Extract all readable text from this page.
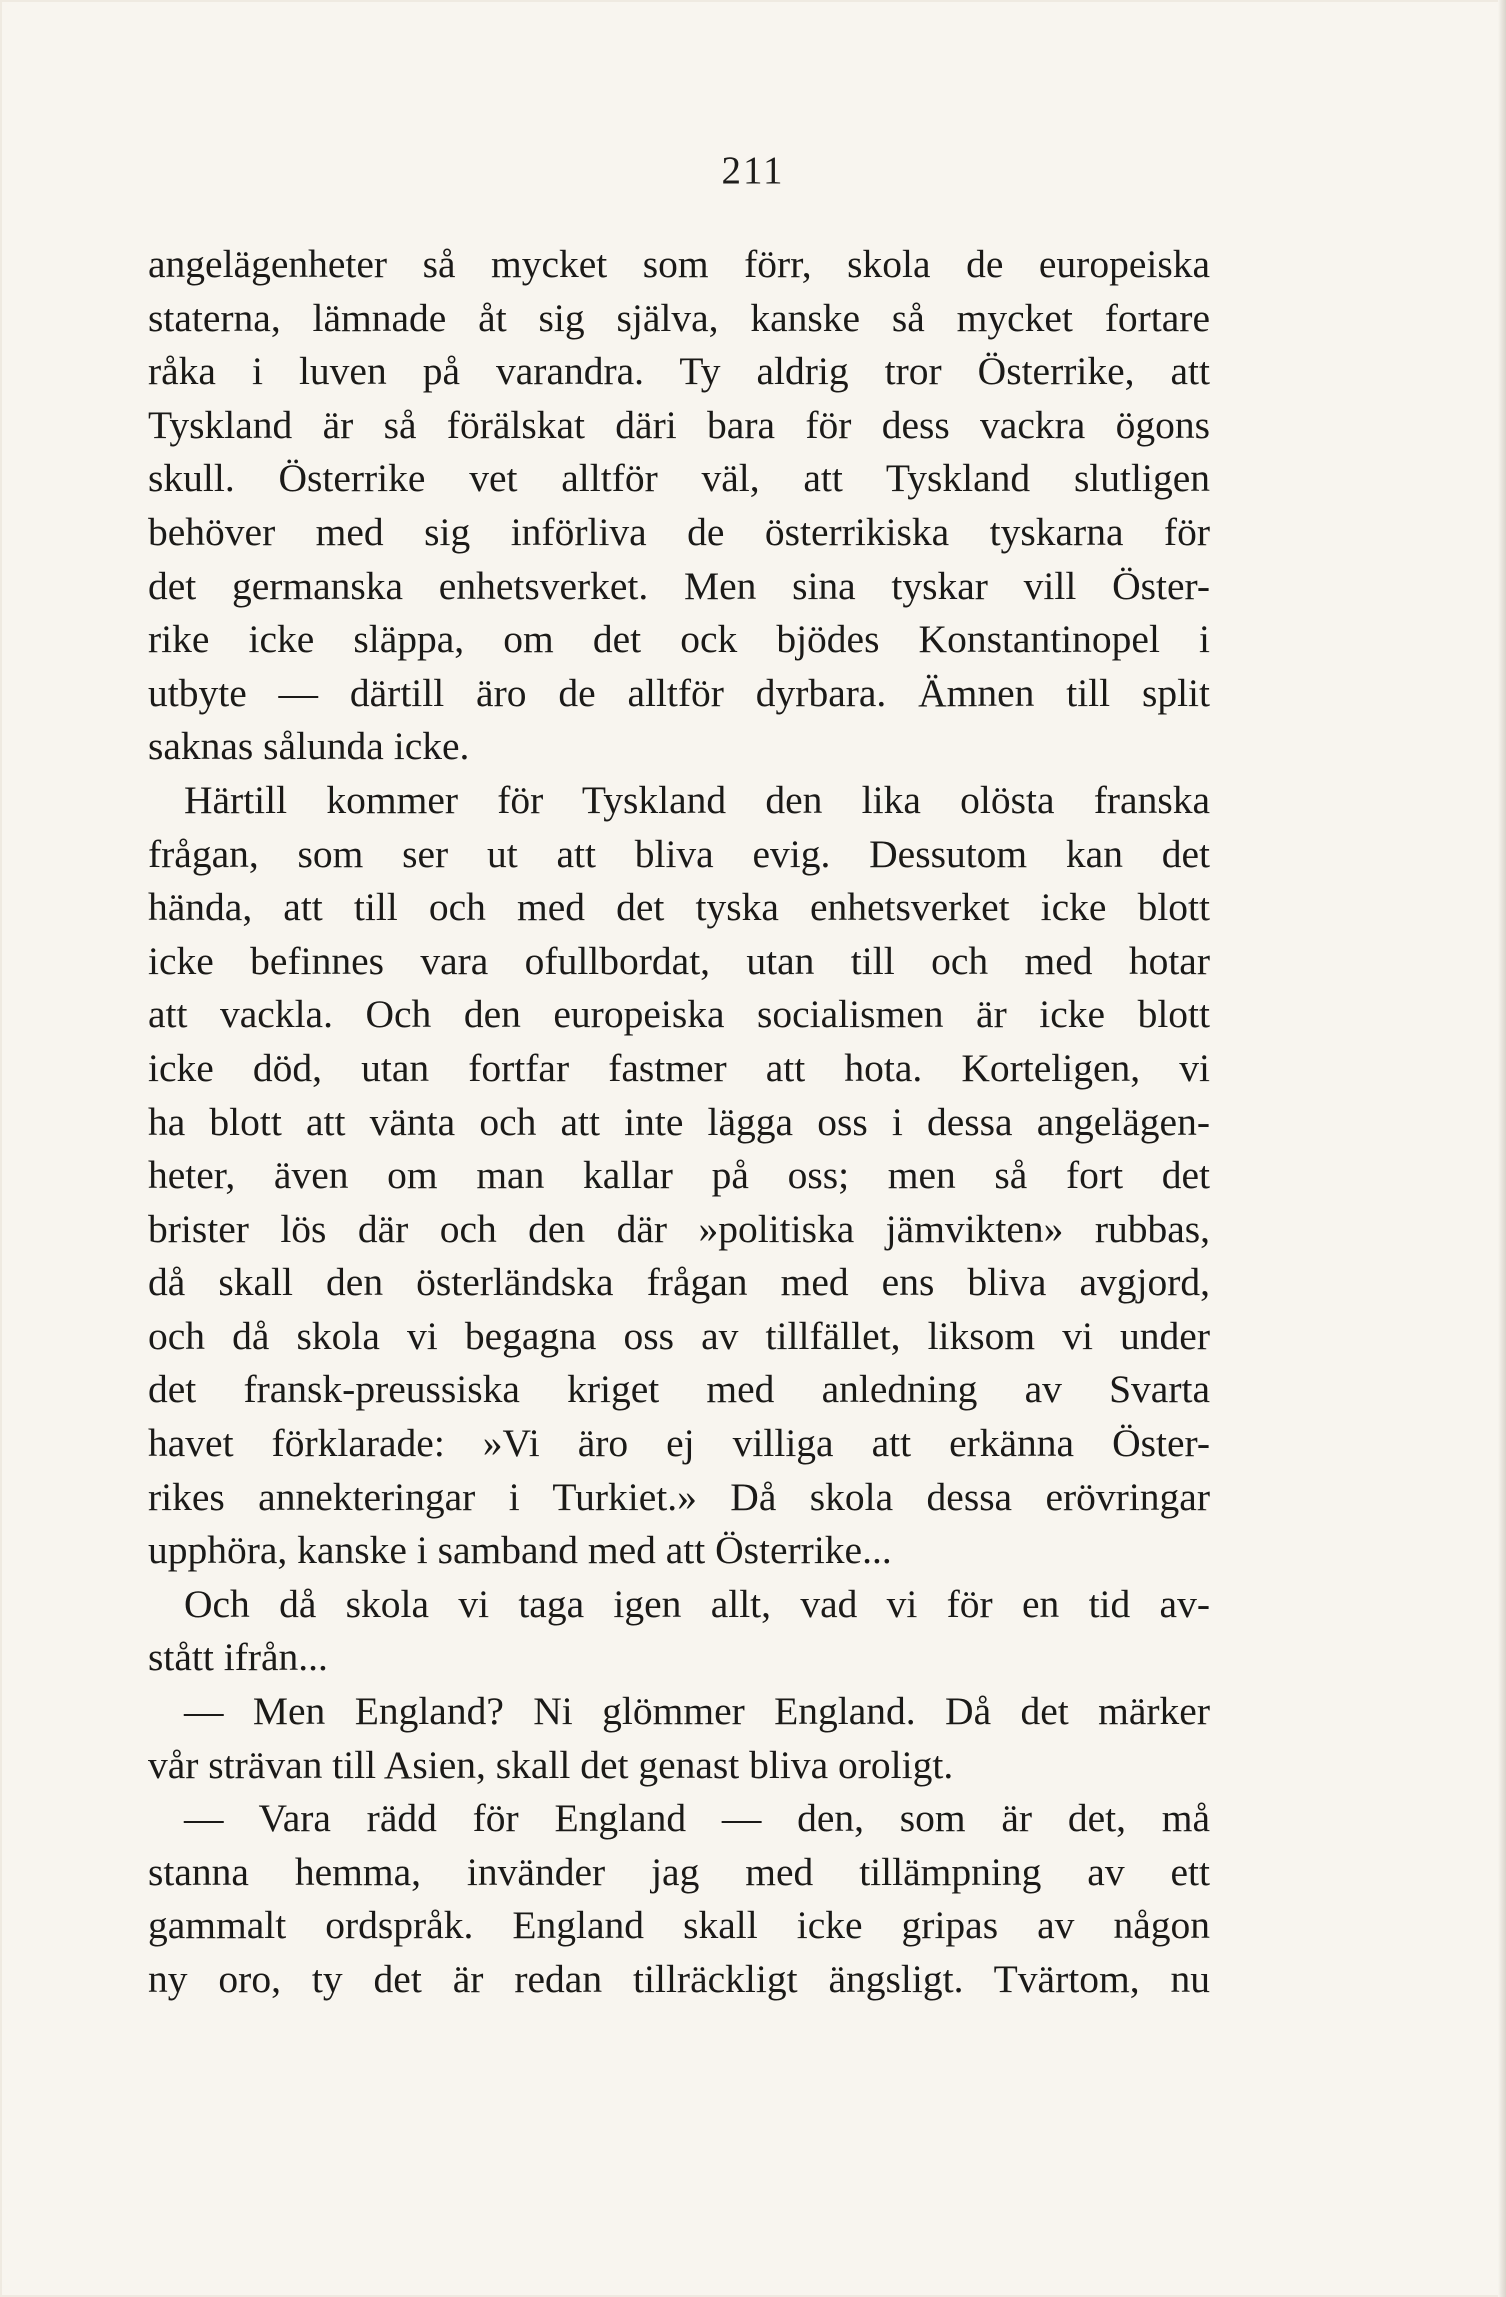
211
angelägenheter så mycket som förr, skola de europeiska
staterna, lämnade åt sig själva, kanske så mycket fortare
råka i luven på varandra. Ty aldrig tror Österrike, att
Tyskland är så förälskat däri bara för dess vackra ögons
skull. Österrike vet alltför väl, att Tyskland slutligen
behöver med sig införliva de österrikiska tyskarna för
det germanska enhetsverket. Men sina tyskar vill Öster-
rike icke släppa, om det ock bjödes Konstantinopel i
utbyte — därtill äro de alltför dyrbara. Ämnen till split
saknas sålunda icke.
Härtill kommer för Tyskland den lika olösta franska
frågan, som ser ut att bliva evig. Dessutom kan det
hända, att till och med det tyska enhetsverket icke blott
icke befinnes vara ofullbordat, utan till och med hotar
att vackla. Och den europeiska socialismen är icke blott
icke död, utan fortfar fastmer att hota. Korteligen, vi
ha blott att vänta och att inte lägga oss i dessa angelägen-
heter, även om man kallar på oss; men så fort det
brister lös där och den där »politiska jämvikten» rubbas,
då skall den österländska frågan med ens bliva avgjord,
och då skola vi begagna oss av tillfället, liksom vi under
det fransk-preussiska kriget med anledning av Svarta
havet förklarade: »Vi äro ej villiga att erkänna Öster-
rikes annekteringar i Turkiet.» Då skola dessa erövringar
upphöra, kanske i samband med att Österrike...
Och då skola vi taga igen allt, vad vi för en tid av-
stått ifrån...
— Men England? Ni glömmer England. Då det märker
vår strävan till Asien, skall det genast bliva oroligt.
— Vara rädd för England — den, som är det, må
stanna hemma, invänder jag med tillämpning av ett
gammalt ordspråk. England skall icke gripas av någon
ny oro, ty det är redan tillräckligt ängsligt. Tvärtom, nu
